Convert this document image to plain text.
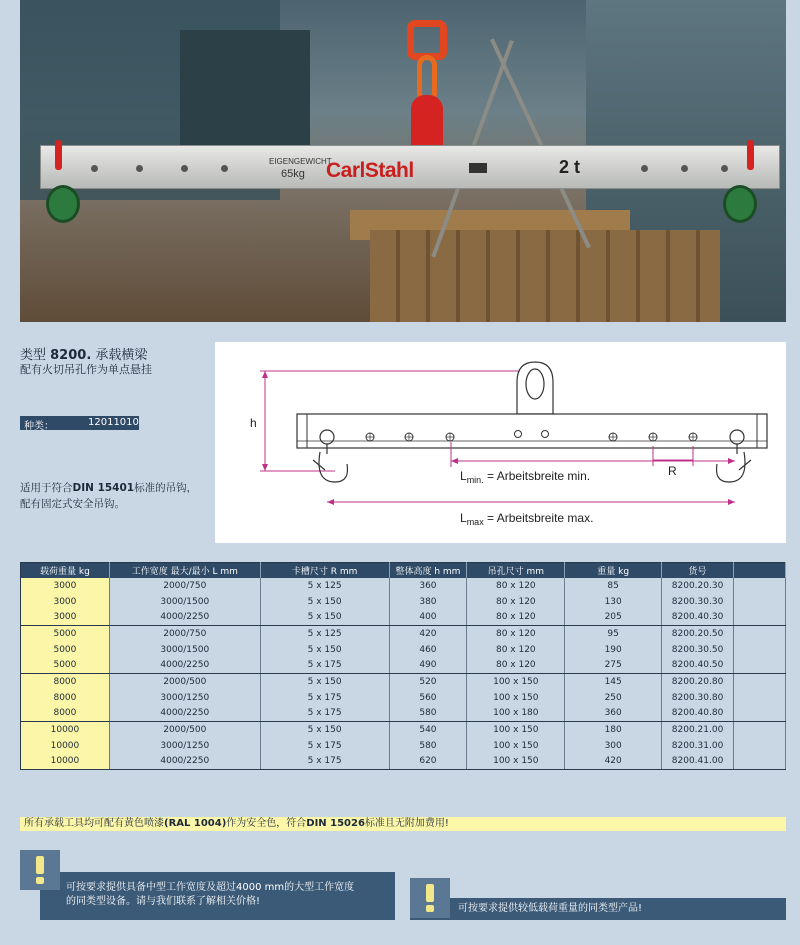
EIGENGEWICHT
65kg CarlStahl	2 t
类型 8200. 承载横梁
配有火切吊孔作为单点悬挂
种类：	12011010
适用于符合DIN 15401标准的吊钩，
配有固定式安全吊钩。
h
$L_{min.}$ = Arbeitsbreite min.	R
$L_{max}$ = Arbeitsbreite max.
载荷重量 kg	工作宽度 最大/最小 L mm	卡槽尺寸 R mm	整体高度 h mm	吊孔尺寸 mm	重量 kg	货号	
3000	2000/750	5 x 125	360	80 x 120	85	8200.20.30	
3000	3000/1500	5 x 150	380	80 x 120	130	8200.30.30	
3000	4000/2250	5 x 150	400	80 x 120	205	8200.40.30	
5000	2000/750	5 x 125	420	80 x 120	95	8200.20.50	
5000	3000/1500	5 x 150	460	80 x 120	190	8200.30.50	
5000	4000/2250	5 x 175	490	80 x 120	275	8200.40.50	
8000	2000/500	5 x 150	520	100 x 150	145	8200.20.80	
8000	3000/1250	5 x 175	560	100 x 150	250	8200.30.80	
8000	4000/2250	5 x 175	580	100 x 180	360	8200.40.80	
10000	2000/500	5 x 150	540	100 x 150	180	8200.21.00	
10000	3000/1250	5 x 175	580	100 x 150	300	8200.31.00	
10000	4000/2250	5 x 175	620	100 x 150	420	8200.41.00	
所有承载工具均可配有黄色喷漆(RAL 1004)作为安全色，符合DIN 15026标准且无附加费用!
可按要求提供具备中型工作宽度及超过4000 mm的大型工作宽度
的同类型设备。请与我们联系了解相关价格!
可按要求提供较低载荷重量的同类型产品!
